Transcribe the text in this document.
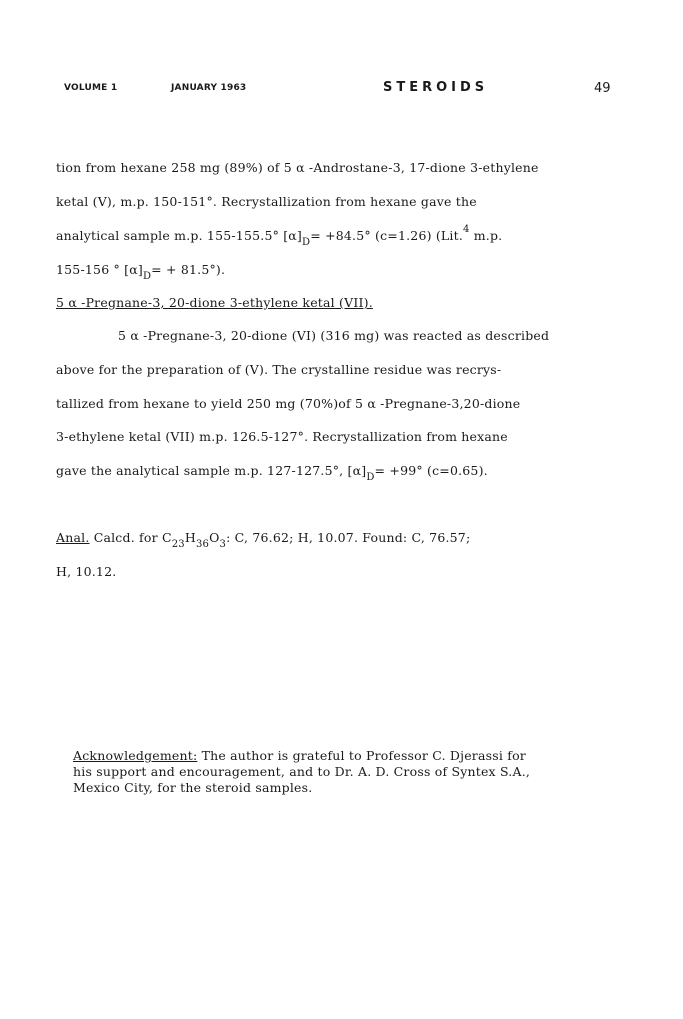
VOLUME 1	JANUARY 1963	STEROIDS	49
tion from hexane 258 mg (89%) of 5 α -Androstane-3, 17-dione 3-ethylene
ketal (V), m.p. 150-151°. Recrystallization from hexane gave the
analytical sample m.p. 155-155.5° $[\alpha]_D= +84.5^\circ$ (c=1.26) (Lit.$^4$ m.p.
155-156 ° $[\alpha]_D= + 81.5^\circ$).
5 α -Pregnane-3, 20-dione 3-ethylene ketal (VII).
5 α -Pregnane-3, 20-dione (VI) (316 mg) was reacted as described
above for the preparation of (V). The crystalline residue was recrys-
tallized from hexane to yield 250 mg (70%)of 5 α -Pregnane-3,20-dione
3-ethylene ketal (VII) m.p. 126.5-127°. Recrystallization from hexane
gave the analytical sample m.p. 127-127.5°, $[\alpha]_D= +99^\circ$ (c=0.65).
Anal. Calcd. for $C_{23}H_{36}O_3$: C, 76.62; H, 10.07. Found: C, 76.57;
H, 10.12.
Acknowledgement: The author is grateful to Professor C. Djerassi for
his support and encouragement, and to Dr. A. D. Cross of Syntex S.A.,
Mexico City, for the steroid samples.
